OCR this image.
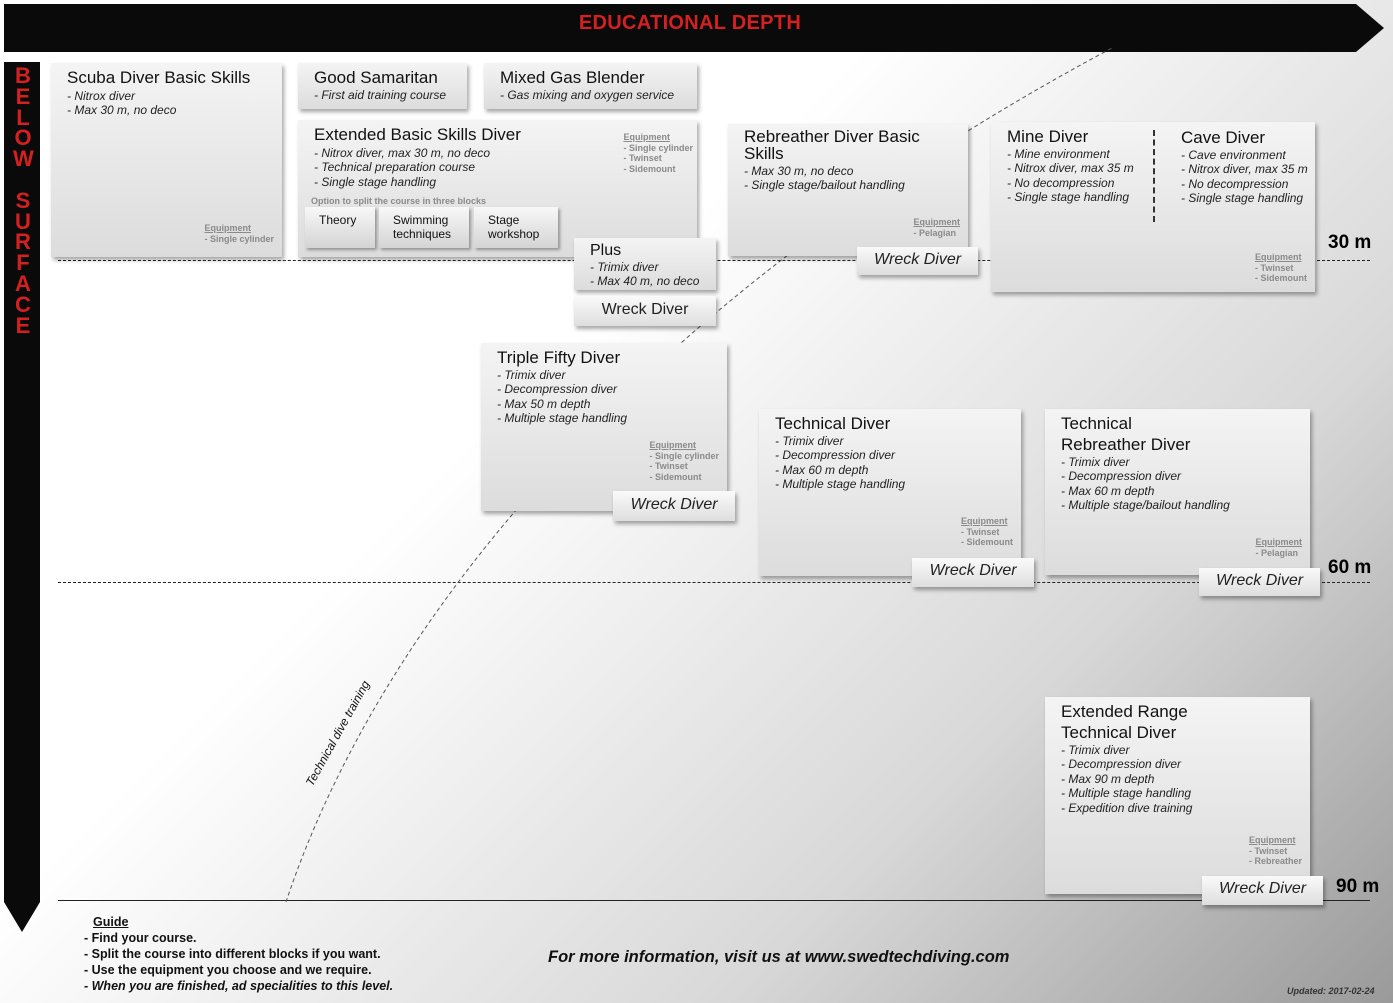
EDUCATIONAL DEPTH
B
E
L
O
W

S
U
R
F
A
C
E
30 m
60 m
90 m
Technical dive training
Scuba Diver Basic Skills
- Nitrox diver
- Max 30 m, no deco
Equipment
- Single cylinder
Good Samaritan
- First aid training course
Mixed Gas Blender
- Gas mixing and oxygen service
Extended Basic Skills Diver
- Nitrox diver, max 30 m, no deco
- Technical preparation course
- Single stage handling
Option to split the course in three blocks
Equipment
- Single cylinder
- Twinset
- Sidemount
Theory	Swimming techniques
Stage workshop
Plus
- Trimix diver
- Max 40 m, no deco
Wreck Diver
Rebreather Diver Basic Skills
- Max 30 m, no deco
- Single stage/bailout handling
Equipment
- Pelagian
Wreck Diver
Mine Diver
- Mine environment
- Nitrox diver, max 35 m
- No decompression
- Single stage handling
Cave Diver
- Cave environment
- Nitrox diver, max 35 m
- No decompression
- Single stage handling
Equipment
- Twinset
- Sidemount
Triple Fifty Diver
- Trimix diver
- Decompression diver
- Max 50 m depth
- Multiple stage handling
Equipment
- Single cylinder
- Twinset
- Sidemount
Wreck Diver
Technical Diver
- Trimix diver
- Decompression diver
- Max 60 m depth
- Multiple stage handling
Equipment
- Twinset
- Sidemount
Wreck Diver
Technical
Rebreather Diver
- Trimix diver
- Decompression diver
- Max 60 m depth
- Multiple stage/bailout handling
Equipment
- Pelagian
Wreck Diver
Extended Range
Technical Diver
- Trimix diver
- Decompression diver
- Max 90 m depth
- Multiple stage handling
- Expedition dive training
Equipment
- Twinset
- Rebreather
Wreck Diver
Guide
- Find your course.
- Split the course into different blocks if you want.
- Use the equipment you choose and we require.
- When you are finished, ad specialities to this level.
For more information, visit us at www.swedtechdiving.com
Updated: 2017-02-24
